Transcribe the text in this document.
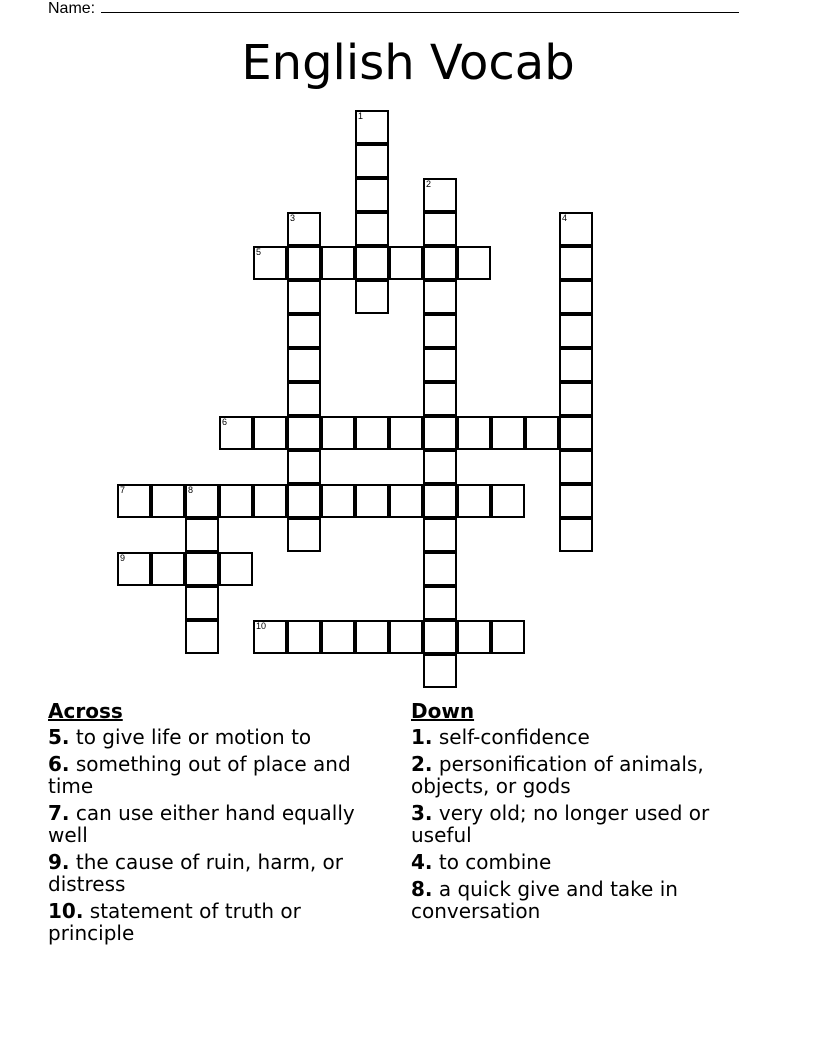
Name:
English Vocab
1
2
3	4
5
6
7	8
9
10
Across
5. to give life or motion to
6. something out of place and time
7. can use either hand equally well
9. the cause of ruin, harm, or distress
10. statement of truth or principle
Down
1. self-confidence
2. personification of animals, objects, or gods
3. very old; no longer used or useful
4. to combine
8. a quick give and take in conversation
